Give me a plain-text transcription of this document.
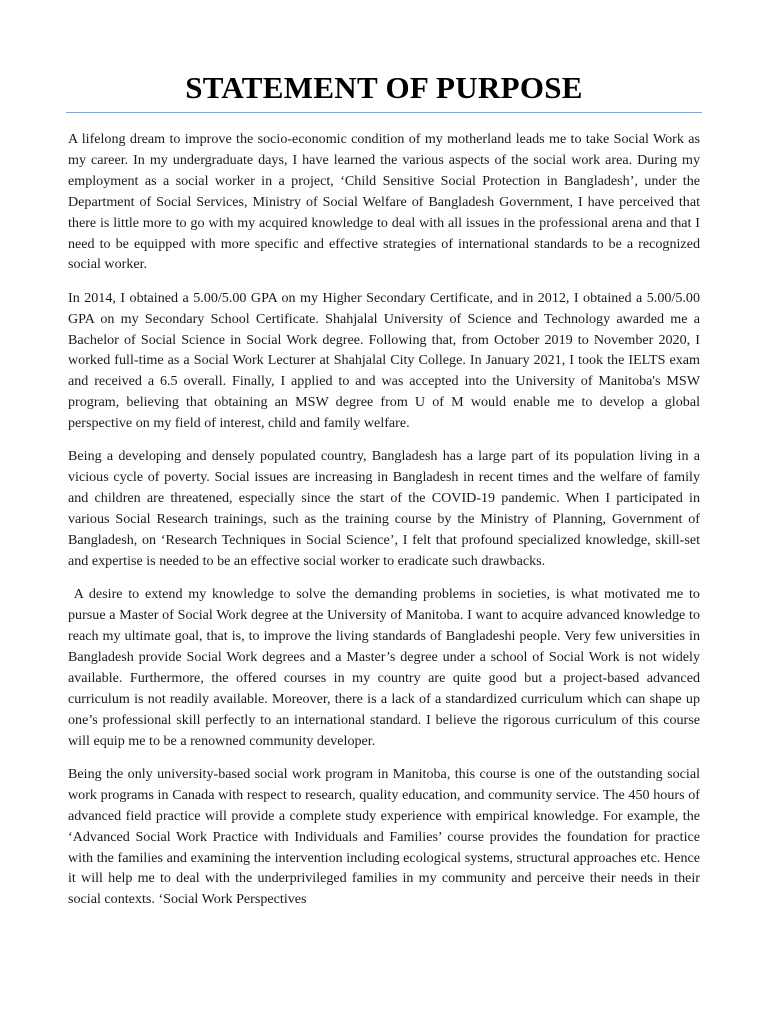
STATEMENT OF PURPOSE

A lifelong dream to improve the socio-economic condition of my motherland leads me to take Social Work as my career. In my undergraduate days, I have learned the various aspects of the social work area. During my employment as a social worker in a project, ‘Child Sensitive Social Protection in Bangladesh’, under the Department of Social Services, Ministry of Social Welfare of Bangladesh Government, I have perceived that there is little more to go with my acquired knowledge to deal with all issues in the professional arena and that I need to be equipped with more specific and effective strategies of international standards to be a recognized social worker.

In 2014, I obtained a 5.00/5.00 GPA on my Higher Secondary Certificate, and in 2012, I obtained a 5.00/5.00 GPA on my Secondary School Certificate. Shahjalal University of Science and Technology awarded me a Bachelor of Social Science in Social Work degree. Following that, from October 2019 to November 2020, I worked full-time as a Social Work Lecturer at Shahjalal City College. In January 2021, I took the IELTS exam and received a 6.5 overall. Finally, I applied to and was accepted into the University of Manitoba's MSW program, believing that obtaining an MSW degree from U of M would enable me to develop a global perspective on my field of interest, child and family welfare.

Being a developing and densely populated country, Bangladesh has a large part of its population living in a vicious cycle of poverty. Social issues are increasing in Bangladesh in recent times and the welfare of family and children are threatened, especially since the start of the COVID-19 pandemic. When I participated in various Social Research trainings, such as the training course by the Ministry of Planning, Government of Bangladesh, on ‘Research Techniques in Social Science’, I felt that profound specialized knowledge, skill-set and expertise is needed to be an effective social worker to eradicate such drawbacks.

A desire to extend my knowledge to solve the demanding problems in societies, is what motivated me to pursue a Master of Social Work degree at the University of Manitoba. I want to acquire advanced knowledge to reach my ultimate goal, that is, to improve the living standards of Bangladeshi people. Very few universities in Bangladesh provide Social Work degrees and a Master’s degree under a school of Social Work is not widely available. Furthermore, the offered courses in my country are quite good but a project-based advanced curriculum is not readily available. Moreover, there is a lack of a standardized curriculum which can shape up one’s professional skill perfectly to an international standard. I believe the rigorous curriculum of this course will equip me to be a renowned community developer.

Being the only university-based social work program in Manitoba, this course is one of the outstanding social work programs in Canada with respect to research, quality education, and community service. The 450 hours of advanced field practice will provide a complete study experience with empirical knowledge. For example, the ‘Advanced Social Work Practice with Individuals and Families’ course provides the foundation for practice with the families and examining the intervention including ecological systems, structural approaches etc. Hence it will help me to deal with the underprivileged families in my community and perceive their needs in their social contexts. ‘Social Work Perspectives
